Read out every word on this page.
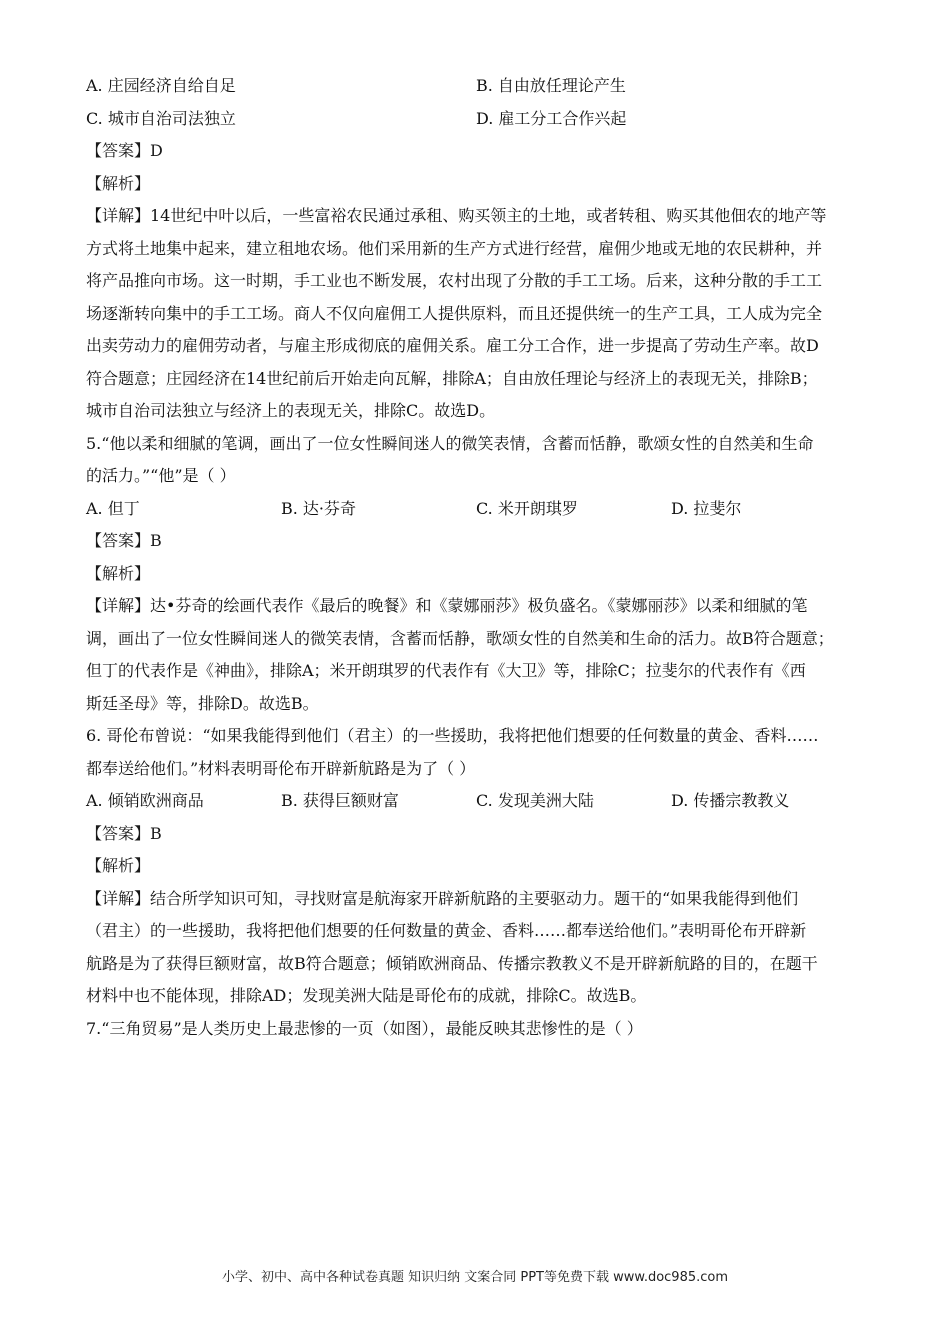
A. 庄园经济自给自足	B. 自由放任理论产生
C. 城市自治司法独立	D. 雇工分工合作兴起
【答案】D
【解析】
【详解】14世纪中叶以后，一些富裕农民通过承租、购买领主的土地，或者转租、购买其他佃农的地产等
方式将土地集中起来，建立租地农场。他们采用新的生产方式进行经营，雇佣少地或无地的农民耕种，并
将产品推向市场。这一时期，手工业也不断发展，农村出现了分散的手工工场。后来，这种分散的手工工
场逐渐转向集中的手工工场。商人不仅向雇佣工人提供原料，而且还提供统一的生产工具，工人成为完全
出卖劳动力的雇佣劳动者，与雇主形成彻底的雇佣关系。雇工分工合作，进一步提高了劳动生产率。故D
符合题意；庄园经济在14世纪前后开始走向瓦解，排除A；自由放任理论与经济上的表现无关，排除B；
城市自治司法独立与经济上的表现无关，排除C。故选D。
5.“他以柔和细腻的笔调，画出了一位女性瞬间迷人的微笑表情，含蓄而恬静，歌颂女性的自然美和生命
的活力。”“他”是（ ）
A. 但丁	B. 达·芬奇	C. 米开朗琪罗	D. 拉斐尔
【答案】B
【解析】
【详解】达•芬奇的绘画代表作《最后的晚餐》和《蒙娜丽莎》极负盛名。《蒙娜丽莎》以柔和细腻的笔
调，画出了一位女性瞬间迷人的微笑表情，含蓄而恬静，歌颂女性的自然美和生命的活力。故B符合题意；
但丁的代表作是《神曲》，排除A；米开朗琪罗的代表作有《大卫》等，排除C；拉斐尔的代表作有《西
斯廷圣母》等，排除D。故选B。
6. 哥伦布曾说：“如果我能得到他们（君主）的一些援助，我将把他们想要的任何数量的黄金、香料……
都奉送给他们。”材料表明哥伦布开辟新航路是为了（ ）
A. 倾销欧洲商品	B. 获得巨额财富	C. 发现美洲大陆	D. 传播宗教教义
【答案】B
【解析】
【详解】结合所学知识可知，寻找财富是航海家开辟新航路的主要驱动力。题干的“如果我能得到他们
（君主）的一些援助，我将把他们想要的任何数量的黄金、香料……都奉送给他们。”表明哥伦布开辟新
航路是为了获得巨额财富，故B符合题意；倾销欧洲商品、传播宗教教义不是开辟新航路的目的，在题干
材料中也不能体现，排除AD；发现美洲大陆是哥伦布的成就，排除C。故选B。
7.“三角贸易”是人类历史上最悲惨的一页（如图），最能反映其悲惨性的是（ ）
小学、初中、高中各种试卷真题 知识归纳 文案合同 PPT等免费下载 www.doc985.com
